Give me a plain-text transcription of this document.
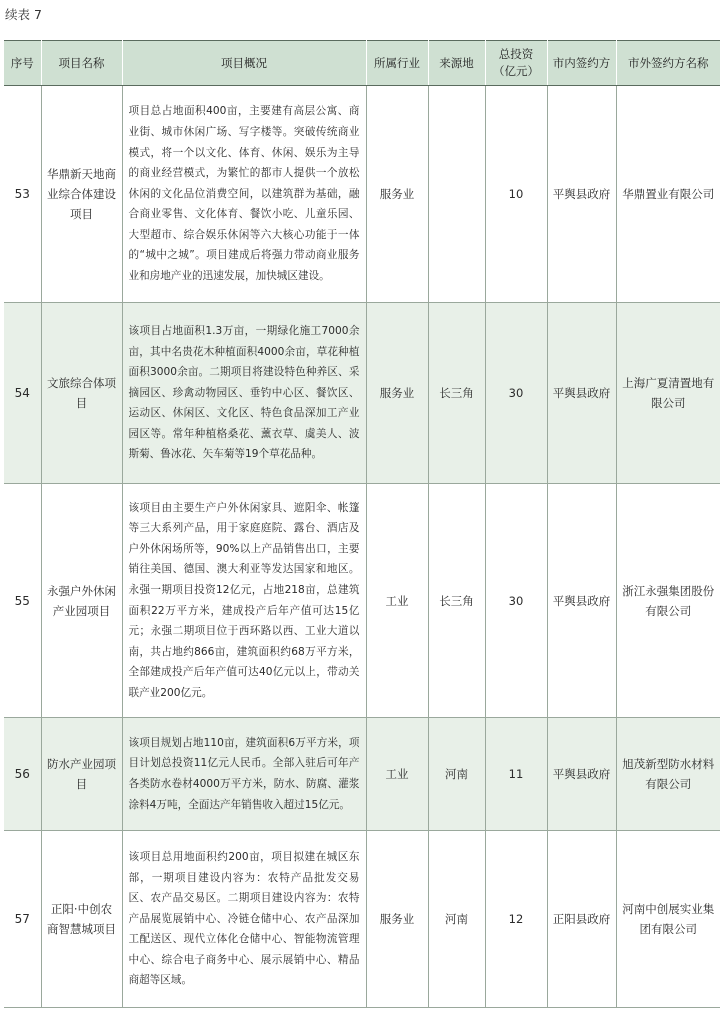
续表 7
序号	项目名称	项目概况	所属行业	来源地	总投资（亿元）	市内签约方	市外签约方名称
53	华鼎新天地商业综合体建设项目	项目总占地面积400亩，主要建有高层公寓、商业街、城市休闲广场、写字楼等。突破传统商业模式，将一个以文化、体育、休闲、娱乐为主导的商业经营模式，为繁忙的都市人提供一个放松休闲的文化品位消费空间，以建筑群为基础，融合商业零售、文化体育、餐饮小吃、儿童乐园、大型超市、综合娱乐休闲等六大核心功能于一体的“城中之城”。项目建成后将强力带动商业服务业和房地产业的迅速发展，加快城区建设。	服务业		10	平舆县政府	华鼎置业有限公司
54	文旅综合体项目	该项目占地面积1.3万亩，一期绿化施工7000余亩，其中名贵花木种植面积4000余亩，草花种植面积3000余亩。二期项目将建设特色种养区、采摘园区、珍禽动物园区、垂钓中心区、餐饮区、运动区、休闲区、文化区、特色食品深加工产业园区等。常年种植格桑花、薰衣草、虞美人、波斯菊、鲁冰花、矢车菊等19个草花品种。	服务业	长三角	30	平舆县政府	上海广夏清置地有限公司
55	永强户外休闲产业园项目	该项目由主要生产户外休闲家具、遮阳伞、帐篷等三大系列产品，用于家庭庭院、露台、酒店及户外休闲场所等，90%以上产品销售出口，主要销往美国、德国、澳大利亚等发达国家和地区。永强一期项目投资12亿元，占地218亩，总建筑面积22万平方米，建成投产后年产值可达15亿元；永强二期项目位于西环路以西、工业大道以南，共占地约866亩，建筑面积约68万平方米，全部建成投产后年产值可达40亿元以上，带动关联产业200亿元。	工业	长三角	30	平舆县政府	浙江永强集团股份有限公司
56	防水产业园项目	该项目规划占地110亩，建筑面积6万平方米，项目计划总投资11亿元人民币。全部入驻后可年产各类防水卷材4000万平方米，防水、防腐、灌浆涂料4万吨，全面达产年销售收入超过15亿元。	工业	河南	11	平舆县政府	旭茂新型防水材料有限公司
57	正阳·中创农商智慧城项目	该项目总用地面积约200亩，项目拟建在城区东部，一期项目建设内容为：农特产品批发交易区、农产品交易区。二期项目建设内容为：农特产品展览展销中心、冷链仓储中心、农产品深加工配送区、现代立体化仓储中心、智能物流管理中心、综合电子商务中心、展示展销中心、精品商超等区域。	服务业	河南	12	正阳县政府	河南中创展实业集团有限公司
